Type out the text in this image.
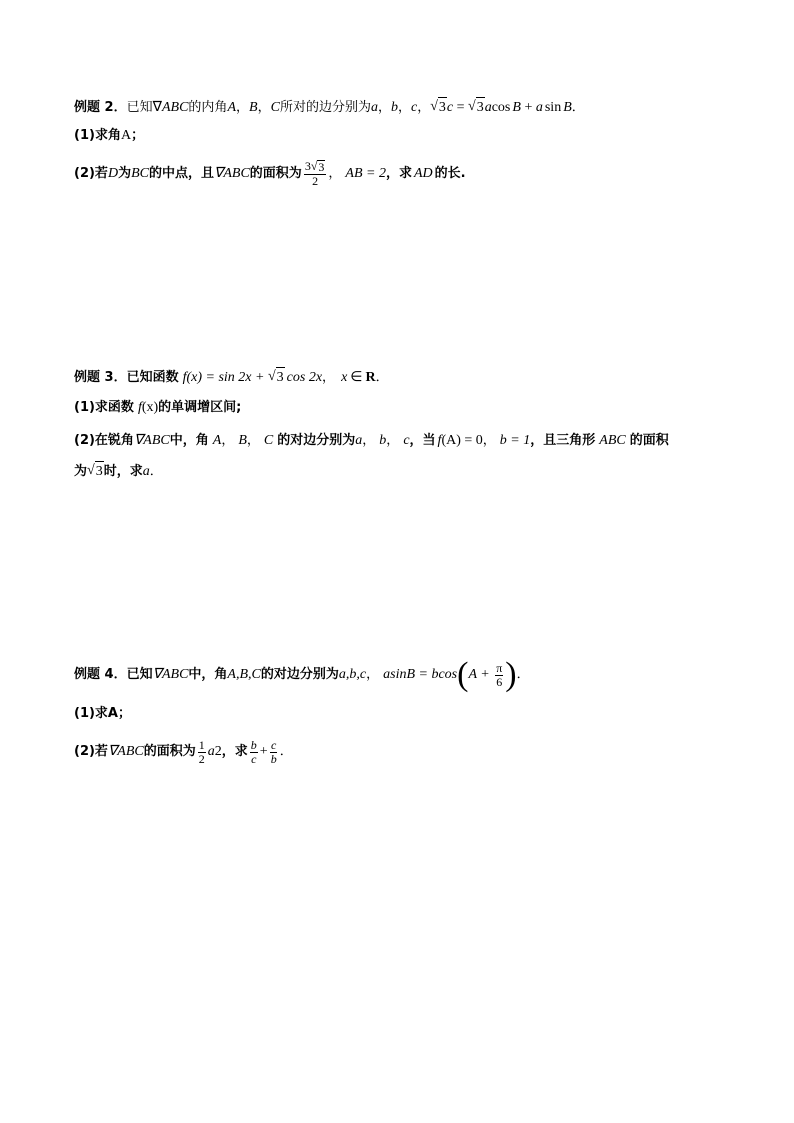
例题 2． 已知 ∇ ABC 的内角 A ， B ， C 所对的边分别为 a ， b ， c ， √ 3 c = √ 3 a cos B + a sin B ．
(1) 求角 A ；
(2)若 D 为 BC 的中点，且 ∇ABC 的面积为 $\frac{3 √ 3}{2}$ ， AB = 2 ，求 AD 的长.
例题 3． 已知函数 f(x) = sin 2x + √ 3 cos 2x ， x ∈ R ．
(1)求函数 f (x) 的单调增区间;
(2)在锐角 ∇ABC 中，角 A ， B ， C 的对边分别为 a ， b ， c ，当 f (A) = 0 ， b = 1 ，且三角形 ABC 的面积
为 √ 3 时，求 a ．
例题 4． 已知 ∇ABC 中，角 A,B,C 的对边分别为 a,b,c ， asinB = bcos ( $A + \frac{\pi}{6}$ ) ．
(1)求A；
(2)若 ∇ABC 的面积为 $\frac{1}{2}$ a 2 ，求 $\frac{b}{c} + \frac{c}{b}$ ．
